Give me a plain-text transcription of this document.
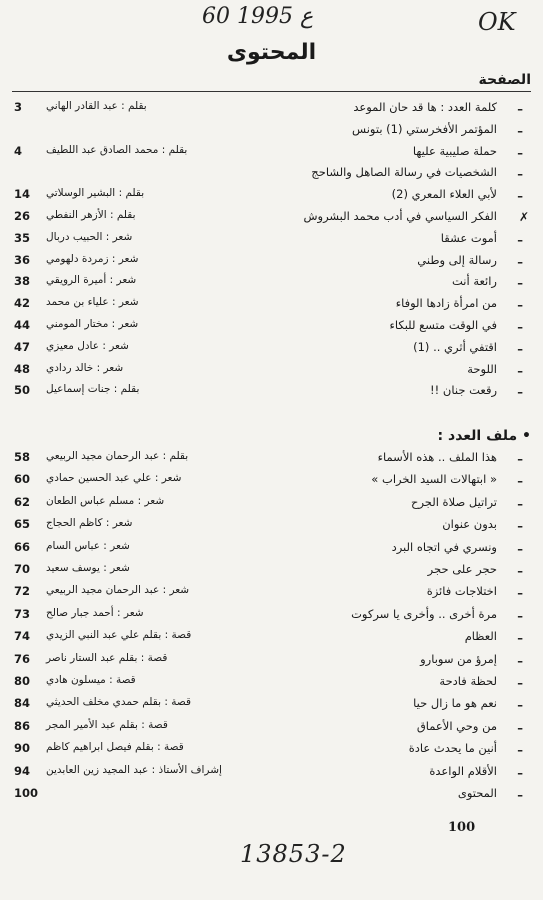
60 ع 1995	OK
المحتوى
الصفحة
–
كلمة العدد : ها قد حان الموعد
بقلم : عبد القادر الهاني
3
–
المؤتمر الأفخرستي (1) بتونس
–
حملة صليبية عليها
بقلم : محمد الصادق عبد اللطيف
4
–
الشخصيات في رسالة الصاهل والشاحج
–
لأبي العلاء المعري (2)
بقلم : البشير الوسلاتي
14
✗
الفكر السياسي في أدب محمد البشروش
بقلم : الأزهر النفطي
26
–
أموت عشقا
شعر : الحبيب دربال
35
–
رسالة إلى وطني
شعر : زمردة دلهومي
36
–
رائعة أنت
شعر : أميرة الرويقي
38
–
من امرأة زادها الوفاء
شعر : علياء بن محمد
42
–
في الوقت متسع للبكاء
شعر : مختار المومني
44
–
اقتفي أثري .. (1)
شعر : عادل معيزي
47
–
اللوحة
شعر : خالد ردادي
48
–
رقعت جنان !!
بقلم : جنات إسماعيل
50
• ملف العدد :
–
هذا الملف .. هذه الأسماء
بقلم : عبد الرحمان مجيد الربيعي
58
–
« ابتهالات السيد الخراب »
شعر : علي عبد الحسين حمادي
60
–
تراتيل صلاة الجرح
شعر : مسلم عباس الطعان
62
–
بدون عنوان
شعر : كاظم الحجاج
65
–
ونسري في اتجاه البرد
شعر : عباس السام
66
–
حجر على حجر
شعر : يوسف سعيد
70
–
اختلاجات فائزة
شعر : عبد الرحمان مجيد الربيعي
72
–
مرة أخرى .. وأخرى يا سركوت
شعر : أحمد جبار صالح
73
–
العظام
قصة : بقلم علي عبد النبي الزيدي
74
–
إمرؤ من سوبارو
قصة : بقلم عبد الستار ناصر
76
–
لحظة فادحة
قصة : ميسلون هادي
80
–
نعم هو ما زال حيا
قصة : بقلم حمدي مخلف الحديثي
84
–
من وحي الأعماق
قصة : بقلم عبد الأمير المجر
86
–
أنين ما يحدث عادة
قصة : بقلم فيصل ابراهيم كاظم
90
–
الأقلام الواعدة
إشراف الأستاذ : عبد المجيد زين العابدين
94
–
المحتوى
100
100
13853-2
